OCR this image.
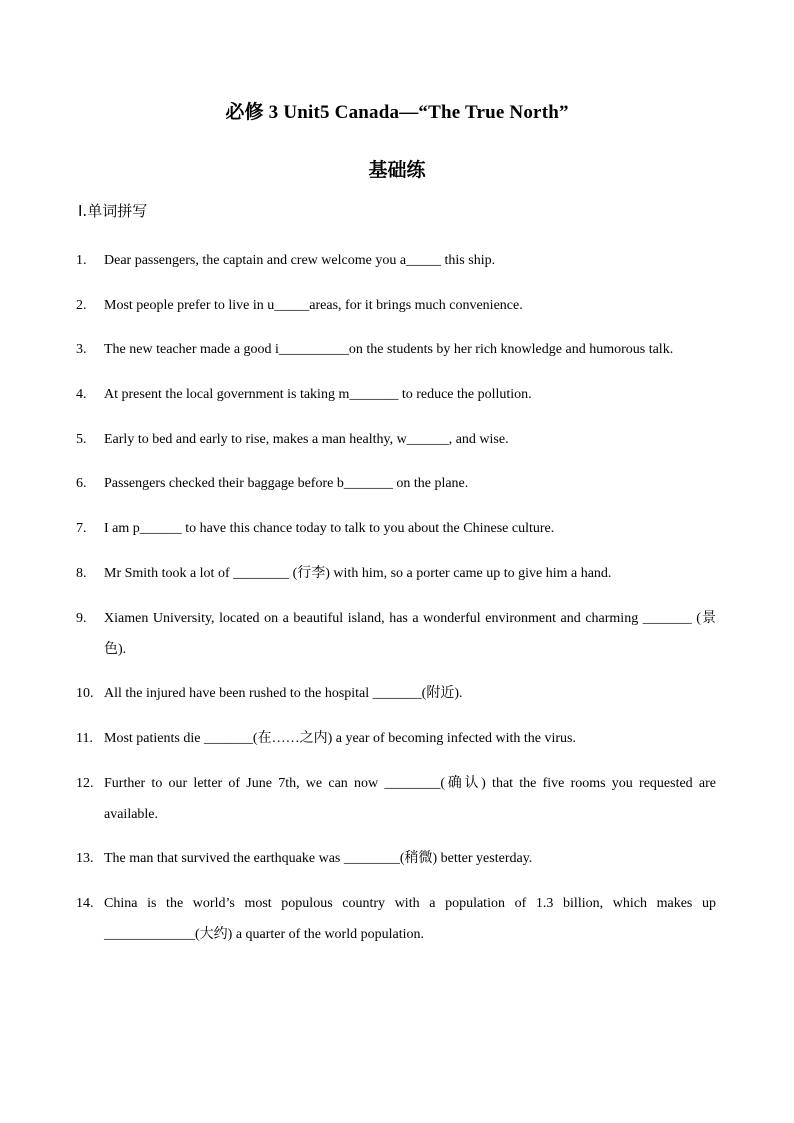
必修 3 Unit5 Canada—“The True North”
基础练
Ⅰ.单词拼写
1.	Dear passengers, the captain and crew welcome you a_____ this ship.
2.	Most people prefer to live in u_____areas, for it brings much convenience.
3.	The new teacher made a good i__________on the students by her rich knowledge and humorous talk.
4.	At present the local government is taking m_______ to reduce the pollution.
5.	Early to bed and early to rise, makes a man healthy, w______, and wise.
6.	Passengers checked their baggage before b_______ on the plane.
7.	I am p______ to have this chance today to talk to you about the Chinese culture.
8.	Mr Smith took a lot of ________ (行李) with him, so a porter came up to give him a hand.
9.	Xiamen University, located on a beautiful island, has a wonderful environment and charming _______ (景色).
10. All the injured have been rushed to the hospital _______(附近).
11. Most patients die _______(在……之内) a year of becoming infected with the virus.
12. Further to our letter of June 7th, we can now ________(确认) that the five rooms you requested are available.
13. The man that survived the earthquake was ________(稍微) better yesterday.
14. China is the world’s most populous country with a population of 1.3 billion, which makes up _____________(大约) a quarter of the world population.
